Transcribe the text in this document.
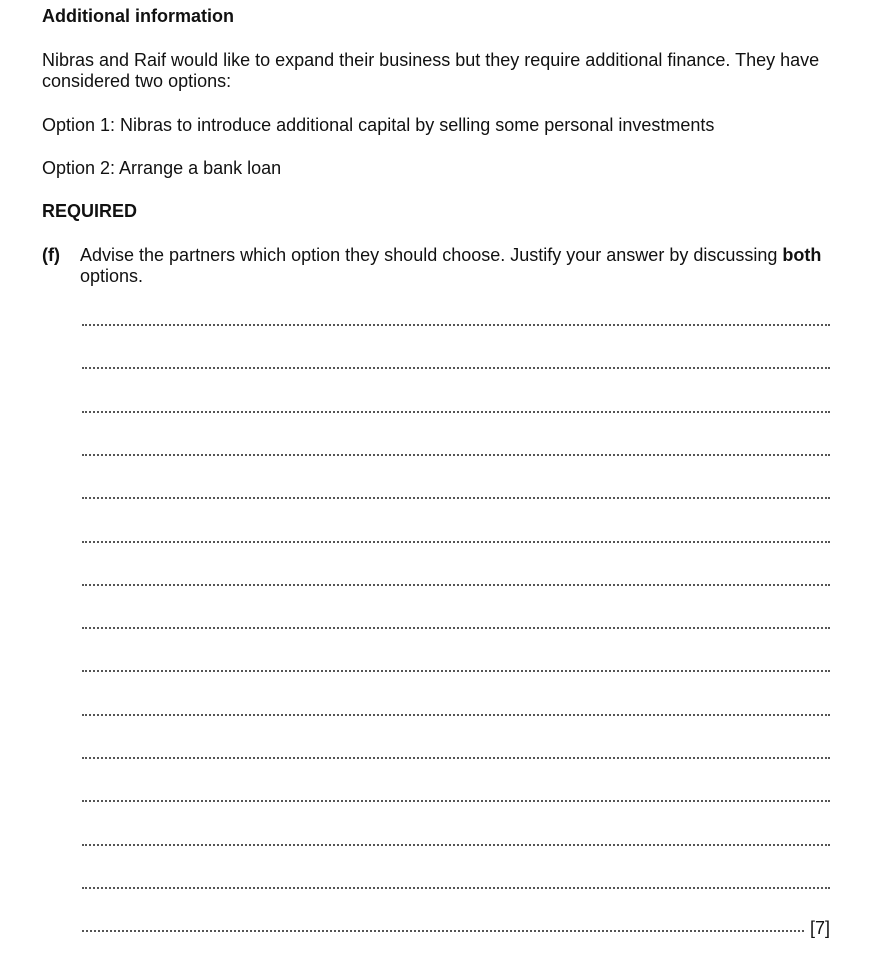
Additional information
Nibras and Raif would like to expand their business but they require additional finance. They have considered two options:
Option 1: Nibras to introduce additional capital by selling some personal investments
Option 2: Arrange a bank loan
REQUIRED
(f) Advise the partners which option they should choose. Justify your answer by discussing both options.
[7]
